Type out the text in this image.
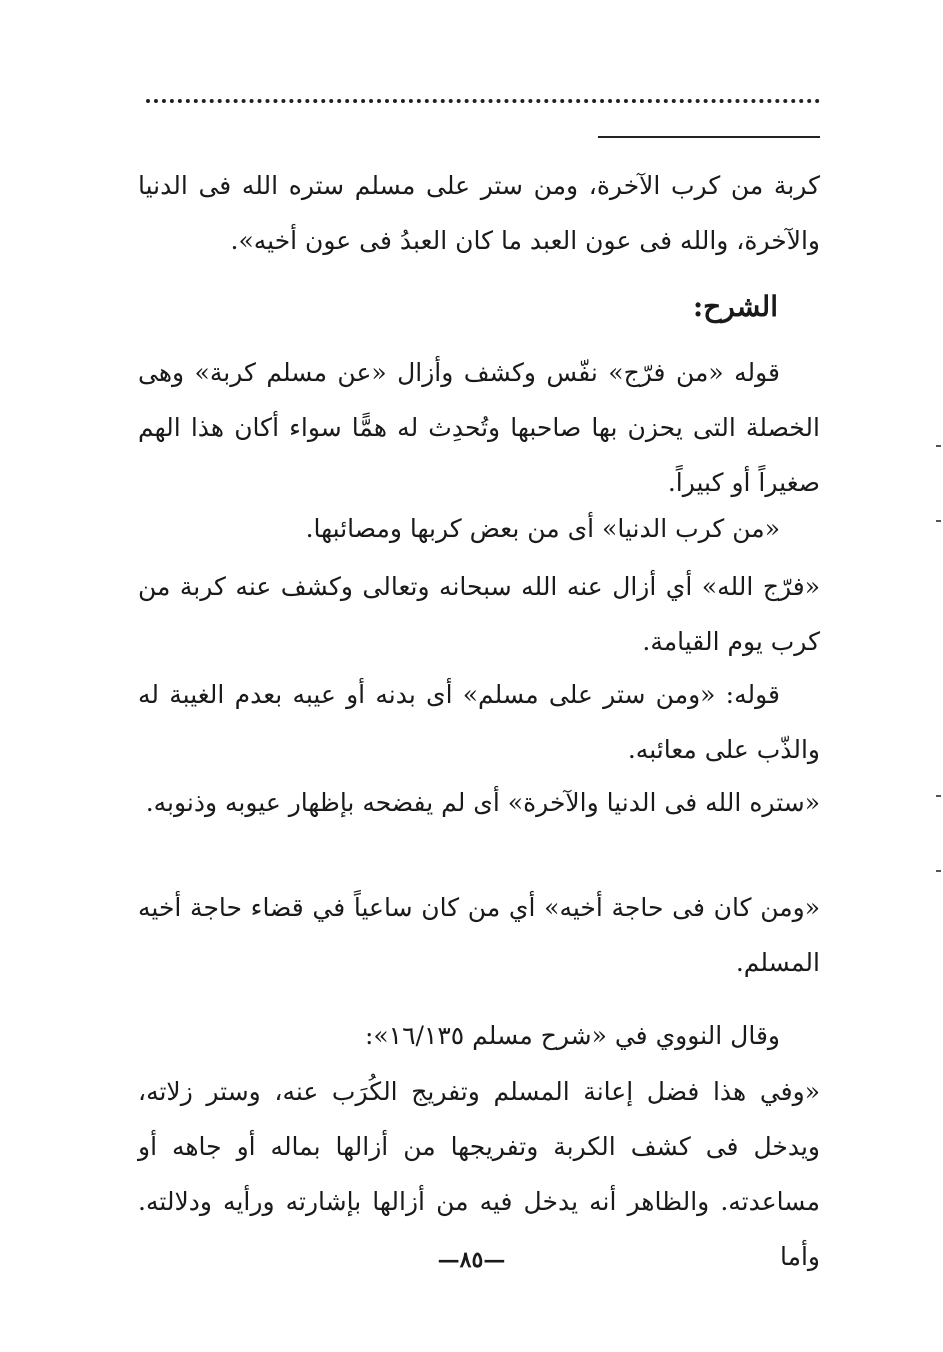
كربة من كرب الآخرة، ومن ستر على مسلم ستره الله فى الدنيا والآخرة، والله فى عون العبد ما كان العبدُ فى عون أخيه».

الشرح:

قوله «من فرّج» نفّس وكشف وأزال «عن مسلم كربة» وهى الخصلة التى يحزن بها صاحبها وتُحدِث له همًّا سواء أكان هذا الهم صغيراً أو كبيراً.

«من كرب الدنيا» أى من بعض كربها ومصائبها.

«فرّج الله» أي أزال عنه الله سبحانه وتعالى وكشف عنه كربة من كرب يوم القيامة.

قوله: «ومن ستر على مسلم» أى بدنه أو عيبه بعدم الغيبة له والذّب على معائبه.

«ستره الله فى الدنيا والآخرة» أى لم يفضحه بإظهار عيوبه وذنوبه.

«ومن كان فى حاجة أخيه» أي من كان ساعياً في قضاء حاجة أخيه المسلم.

وقال النووي في «شرح مسلم ١٦/١٣٥»:

«وفي هذا فضل إعانة المسلم وتفريج الكُرَب عنه، وستر زلاته، ويدخل فى كشف الكربة وتفريجها من أزالها بماله أو جاهه أو مساعدته. والظاهر أنه يدخل فيه من أزالها بإشارته ورأيه ودلالته. وأما

—٨٥—
